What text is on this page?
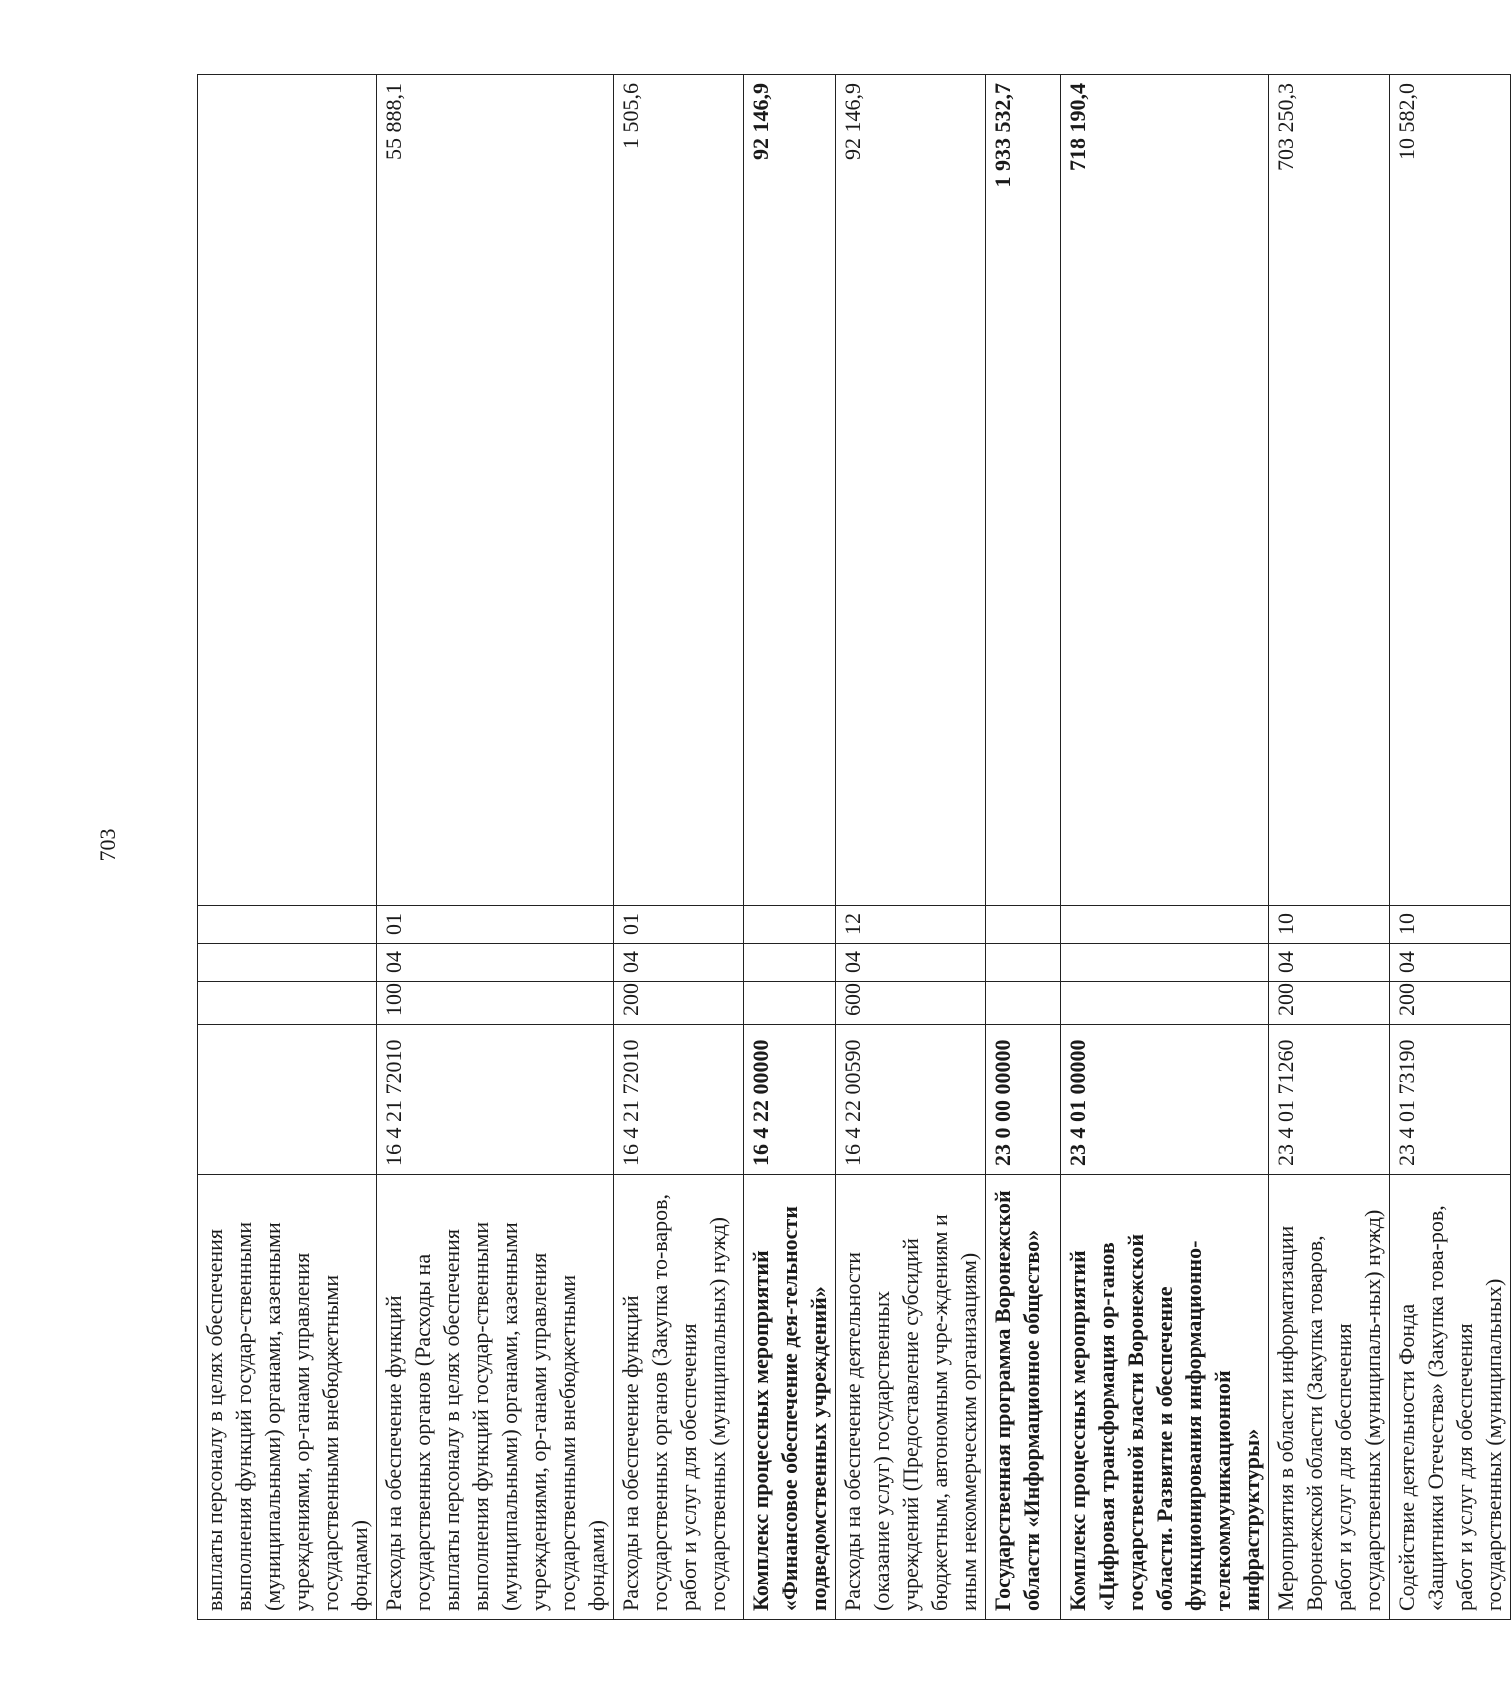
703
выплаты персоналу в целях обеспечения выполнения функций государ-ственными (муниципальными) органами, казенными учреждениями, ор-ганами управления государственными внебюджетными фондами)					
Расходы на обеспечение функций государственных органов (Расходы на выплаты персоналу в целях обеспечения выполнения функций государ-ственными (муниципальными) органами, казенными учреждениями, ор-ганами управления государственными внебюджетными фондами)	16 4 21 72010	100	04	01	55 888,1
Расходы на обеспечение функций государственных органов (Закупка то-варов, работ и услуг для обеспечения государственных (муниципальных) нужд)	16 4 21 72010	200	04	01	1 505,6
Комплекс процессных мероприятий «Финансовое обеспечение дея-тельности подведомственных учреждений»	16 4 22 00000				92 146,9
Расходы на обеспечение деятельности (оказание услуг) государственных учреждений (Предоставление субсидий бюджетным, автономным учре-ждениям и иным некоммерческим организациям)	16 4 22 00590	600	04	12	92 146,9
Государственная программа Воронежской области «Информационное общество»	23 0 00 00000				1 933 532,7
Комплекс процессных мероприятий «Цифровая трансформация ор-ганов государственной власти Воронежской области. Развитие и обеспечение функционирования информационно-телекоммуникационной инфраструктуры»	23 4 01 00000				718 190,4
Мероприятия в области информатизации Воронежской области (Закупка товаров, работ и услуг для обеспечения государственных (муниципаль-ных) нужд)	23 4 01 71260	200	04	10	703 250,3
Содействие деятельности Фонда «Защитники Отечества» (Закупка това-ров, работ и услуг для обеспечения государственных (муниципальных)	23 4 01 73190	200	04	10	10 582,0
